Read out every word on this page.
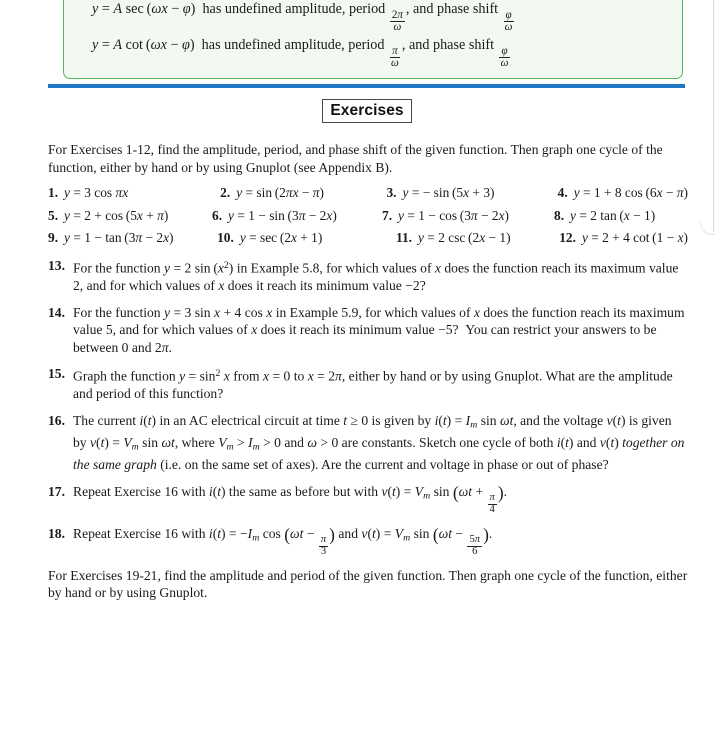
y = A sec (ωx − φ)  has undefined amplitude, period
$\frac{2\pi}{\omega}$
, and phase shift
$\frac{\varphi}{\omega}$
y = A cot (ωx − φ)  has undefined amplitude, period
$\frac{\pi}{\omega}$
, and phase shift
$\frac{\varphi}{\omega}$
Exercises

For Exercises 1-12, find the amplitude, period, and phase shift of the given function. Then graph one cycle of the function, either by hand or by using Gnuplot (see Appendix B).

1. y = 3 cos πx	2. y = sin (2πx − π)	3. y = − sin (5x + 3)	4. y = 1 + 8 cos (6x − π)
5. y = 2 + cos (5x + π)	6. y = 1 − sin (3π − 2x)	7. y = 1 − cos (3π − 2x)	8. y = 2 tan (x − 1)
9. y = 1 − tan (3π − 2x)	10. y = sec (2x + 1)	11. y = 2 csc (2x − 1)	12. y = 2 + 4 cot (1 − x)
13. For the function y = 2 $\sin (x^2)$ in Example 5.8, for which values of x does the function reach its maximum value 2, and for which values of x does it reach its minimum value −2?
14. For the function y = 3 sin x + 4 cos x in Example 5.9, for which values of x does the function reach its maximum value 5, and for which values of x does it reach its minimum value −5?  You can restrict your answers to be between 0 and 2π.
15. Graph the function $y = \sin^2 x$ from x = 0 to x = 2π, either by hand or by using Gnuplot. What are the amplitude and period of this function?
16. The current i(t) in an AC electrical circuit at time t ≥ 0 is given by $i(t) = I_m$ sin ωt, and the voltage v(t) is given by $v(t) = V_m$ sin ωt, where $V_m > I_m > 0$ and ω > 0 are constants. Sketch one cycle of both i(t) and v(t) together on the same graph (i.e. on the same set of axes). Are the current and voltage in phase or out of phase?
17. Repeat Exercise 16 with i(t) the same as before but with $v(t) = V_m$ sin (ωt +
$\frac{\pi}{4}$
).
18. Repeat Exercise 16 with $i(t) = -I_m$ cos (ωt −
$\frac{\pi}{3}$
) and $v(t) = V_m$ sin (ωt −
$\frac{5\pi}{6}$
).

For Exercises 19-21, find the amplitude and period of the given function. Then graph one cycle of the function, either by hand or by using Gnuplot.
